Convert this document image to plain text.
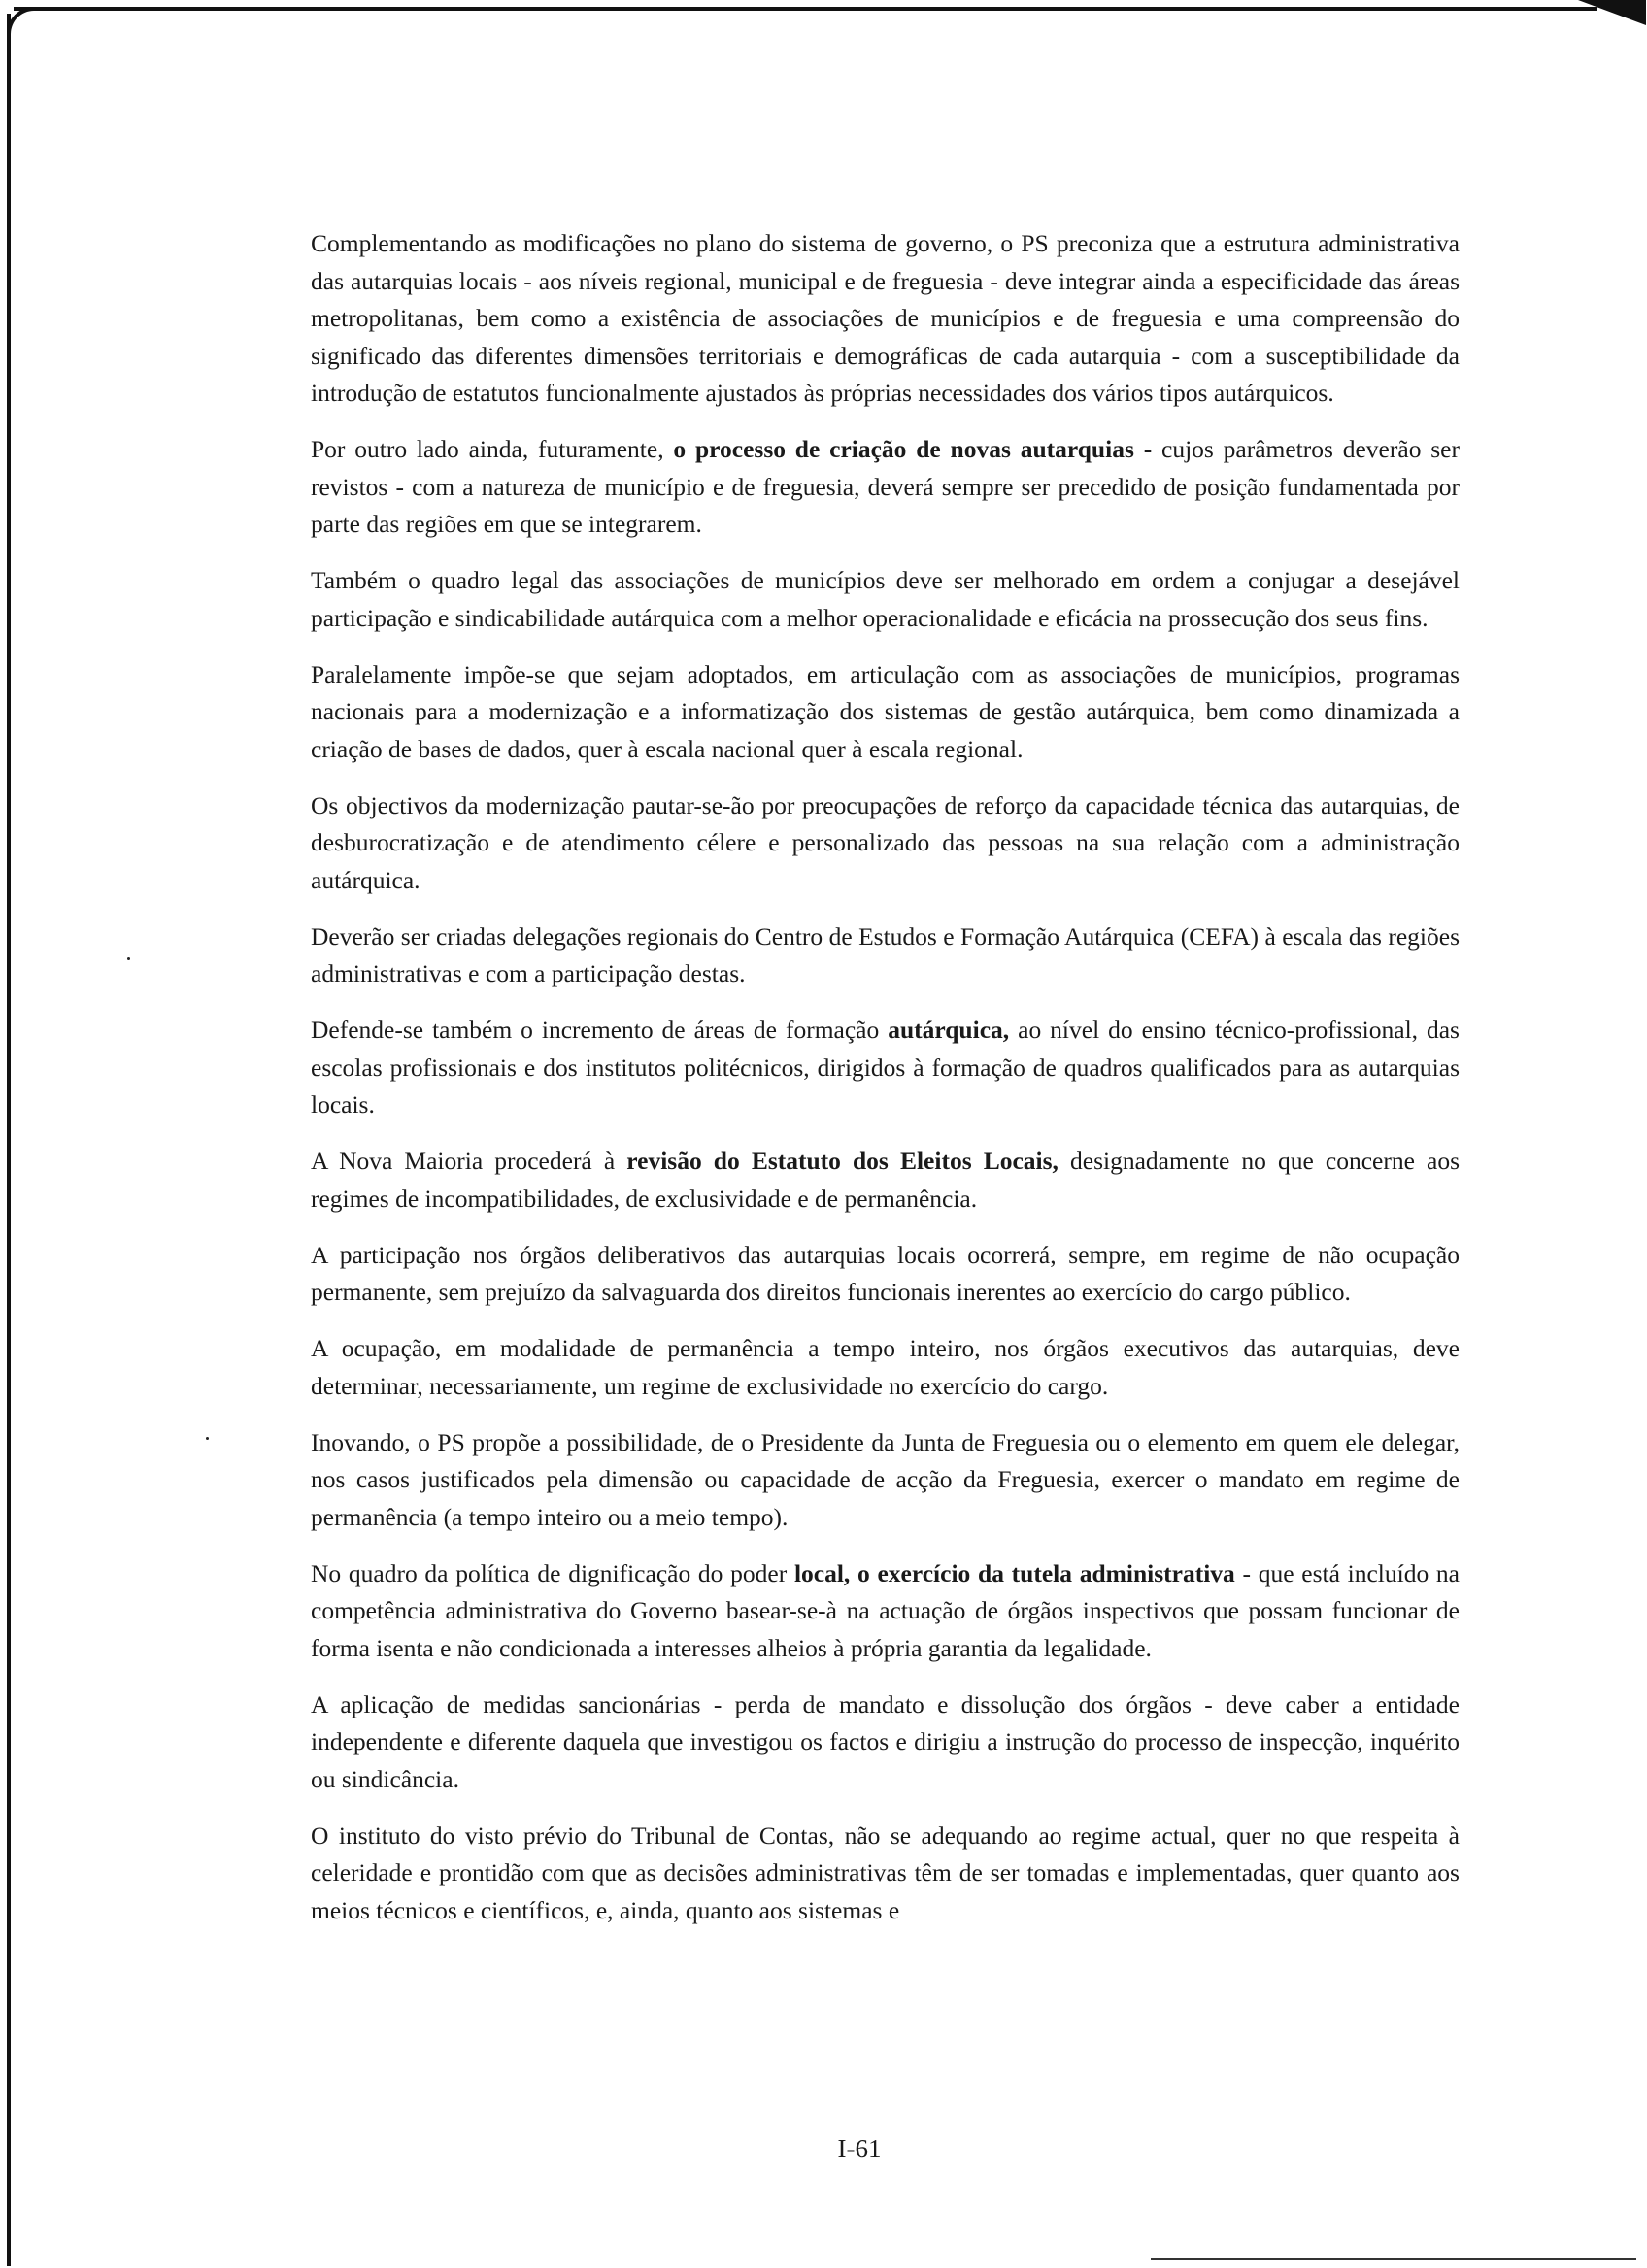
Complementando as modificações no plano do sistema de governo, o PS preconiza que a estrutura administrativa das autarquias locais - aos níveis regional, municipal e de freguesia - deve integrar ainda a especificidade das áreas metropolitanas, bem como a existência de associações de municípios e de freguesia e uma compreensão do significado das diferentes dimensões territoriais e demográficas de cada autarquia - com a susceptibilidade da introdução de estatutos funcionalmente ajustados às próprias necessidades dos vários tipos autárquicos.

Por outro lado ainda, futuramente, o processo de criação de novas autarquias - cujos parâmetros deverão ser revistos - com a natureza de município e de freguesia, deverá sempre ser precedido de posição fundamentada por parte das regiões em que se integrarem.

Também o quadro legal das associações de municípios deve ser melhorado em ordem a conjugar a desejável participação e sindicabilidade autárquica com a melhor operacionalidade e eficácia na prossecução dos seus fins.

Paralelamente impõe-se que sejam adoptados, em articulação com as associações de municípios, programas nacionais para a modernização e a informatização dos sistemas de gestão autárquica, bem como dinamizada a criação de bases de dados, quer à escala nacional quer à escala regional.

Os objectivos da modernização pautar-se-ão por preocupações de reforço da capacidade técnica das autarquias, de desburocratização e de atendimento célere e personalizado das pessoas na sua relação com a administração autárquica.

Deverão ser criadas delegações regionais do Centro de Estudos e Formação Autárquica (CEFA) à escala das regiões administrativas e com a participação destas.

Defende-se também o incremento de áreas de formação autárquica, ao nível do ensino técnico-profissional, das escolas profissionais e dos institutos politécnicos, dirigidos à formação de quadros qualificados para as autarquias locais.

A Nova Maioria procederá à revisão do Estatuto dos Eleitos Locais, designadamente no que concerne aos regimes de incompatibilidades, de exclusividade e de permanência.

A participação nos órgãos deliberativos das autarquias locais ocorrerá, sempre, em regime de não ocupação permanente, sem prejuízo da salvaguarda dos direitos funcionais inerentes ao exercício do cargo público.

A ocupação, em modalidade de permanência a tempo inteiro, nos órgãos executivos das autarquias, deve determinar, necessariamente, um regime de exclusividade no exercício do cargo.

Inovando, o PS propõe a possibilidade, de o Presidente da Junta de Freguesia ou o elemento em quem ele delegar, nos casos justificados pela dimensão ou capacidade de acção da Freguesia, exercer o mandato em regime de permanência (a tempo inteiro ou a meio tempo).

No quadro da política de dignificação do poder local, o exercício da tutela administrativa - que está incluído na competência administrativa do Governo basear-se-à na actuação de órgãos inspectivos que possam funcionar de forma isenta e não condicionada a interesses alheios à própria garantia da legalidade.

A aplicação de medidas sancionárias - perda de mandato e dissolução dos órgãos - deve caber a entidade independente e diferente daquela que investigou os factos e dirigiu a instrução do processo de inspecção, inquérito ou sindicância.

O instituto do visto prévio do Tribunal de Contas, não se adequando ao regime actual, quer no que respeita à celeridade e prontidão com que as decisões administrativas têm de ser tomadas e implementadas, quer quanto aos meios técnicos e científicos, e, ainda, quanto aos sistemas e

I-61
